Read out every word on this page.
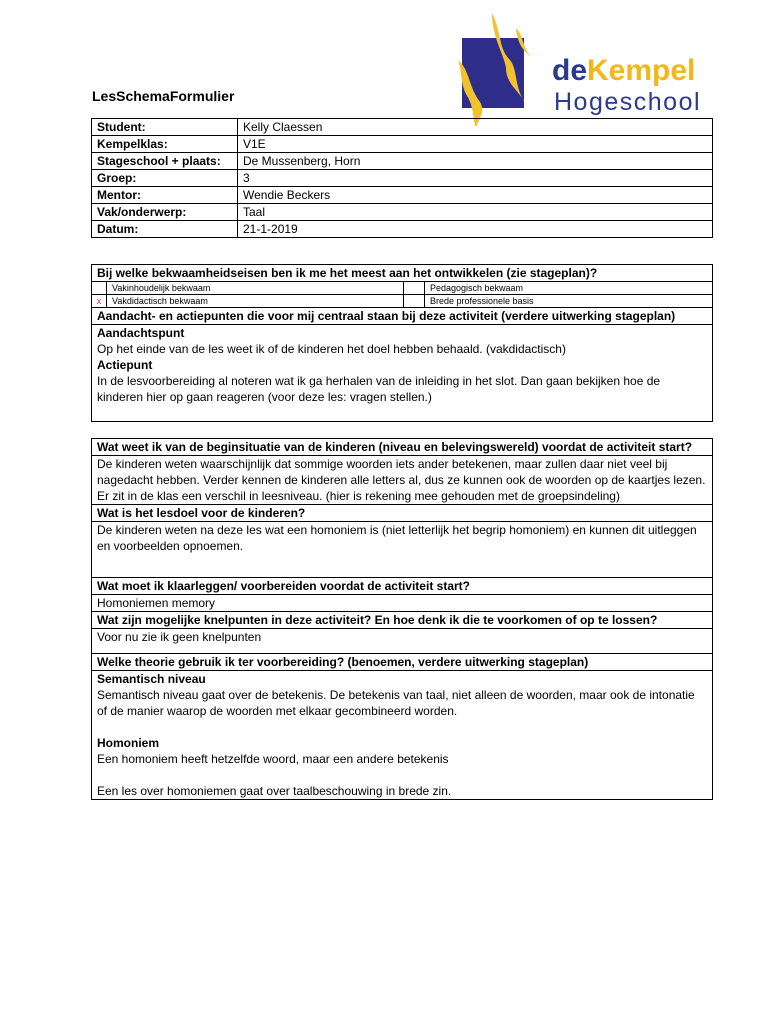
deKempel
Hogeschool
LesSchemaFormulier
Student:	Kelly Claessen
Kempelklas:	V1E
Stageschool + plaats:	De Mussenberg, Horn
Groep:	3
Mentor:	Wendie Beckers
Vak/onderwerp:	Taal
Datum:	21-1-2019
Bij welke bekwaamheidseisen ben ik me het meest aan het ontwikkelen (zie stageplan)?			
	Vakinhoudelijk bekwaam		Pedagogisch bekwaam
x	Vakdidactisch bekwaam		Brede professionele basis
Aandacht- en actiepunten die voor mij centraal staan bij deze activiteit (verdere uitwerking stageplan)			

Aandachtspunt
Op het einde van de les weet ik of de kinderen het doel hebben behaald. (vakdidactisch)
Actiepunt
In de lesvoorbereiding al noteren wat ik ga herhalen van de inleiding in het slot. Dan gaan bekijken hoe de kinderen hier op gaan reageren (voor deze les: vragen stellen.)			
Wat weet ik van de beginsituatie van de kinderen (niveau en belevingswereld) voordat de activiteit start?

De kinderen weten waarschijnlijk dat sommige woorden iets ander betekenen, maar zullen daar niet veel bij nagedacht hebben. Verder kennen de kinderen alle letters al, dus ze kunnen ook de woorden op de kaartjes lezen.
Er zit in de klas een verschil in leesniveau. (hier is rekening mee gehouden met de groepsindeling)

Wat is het lesdoel voor de kinderen?
De kinderen weten na deze les wat een homoniem is (niet letterlijk het begrip homoniem) en kunnen dit uitleggen en voorbeelden opnoemen.
Wat moet ik klaarleggen/ voorbereiden voordat de activiteit start?
Homoniemen memory
Wat zijn mogelijke knelpunten in deze activiteit? En hoe denk ik die te voorkomen of op te lossen?
Voor nu zie ik geen knelpunten
Welke theorie gebruik ik ter voorbereiding? (benoemen, verdere uitwerking stageplan)

Semantisch niveau
Semantisch niveau gaat over de betekenis. De betekenis van taal, niet alleen de woorden, maar ook de intonatie of de manier waarop de woorden met elkaar gecombineerd worden.
Homoniem
Een homoniem heeft hetzelfde woord, maar een andere betekenis
Een les over homoniemen gaat over taalbeschouwing in brede zin.
